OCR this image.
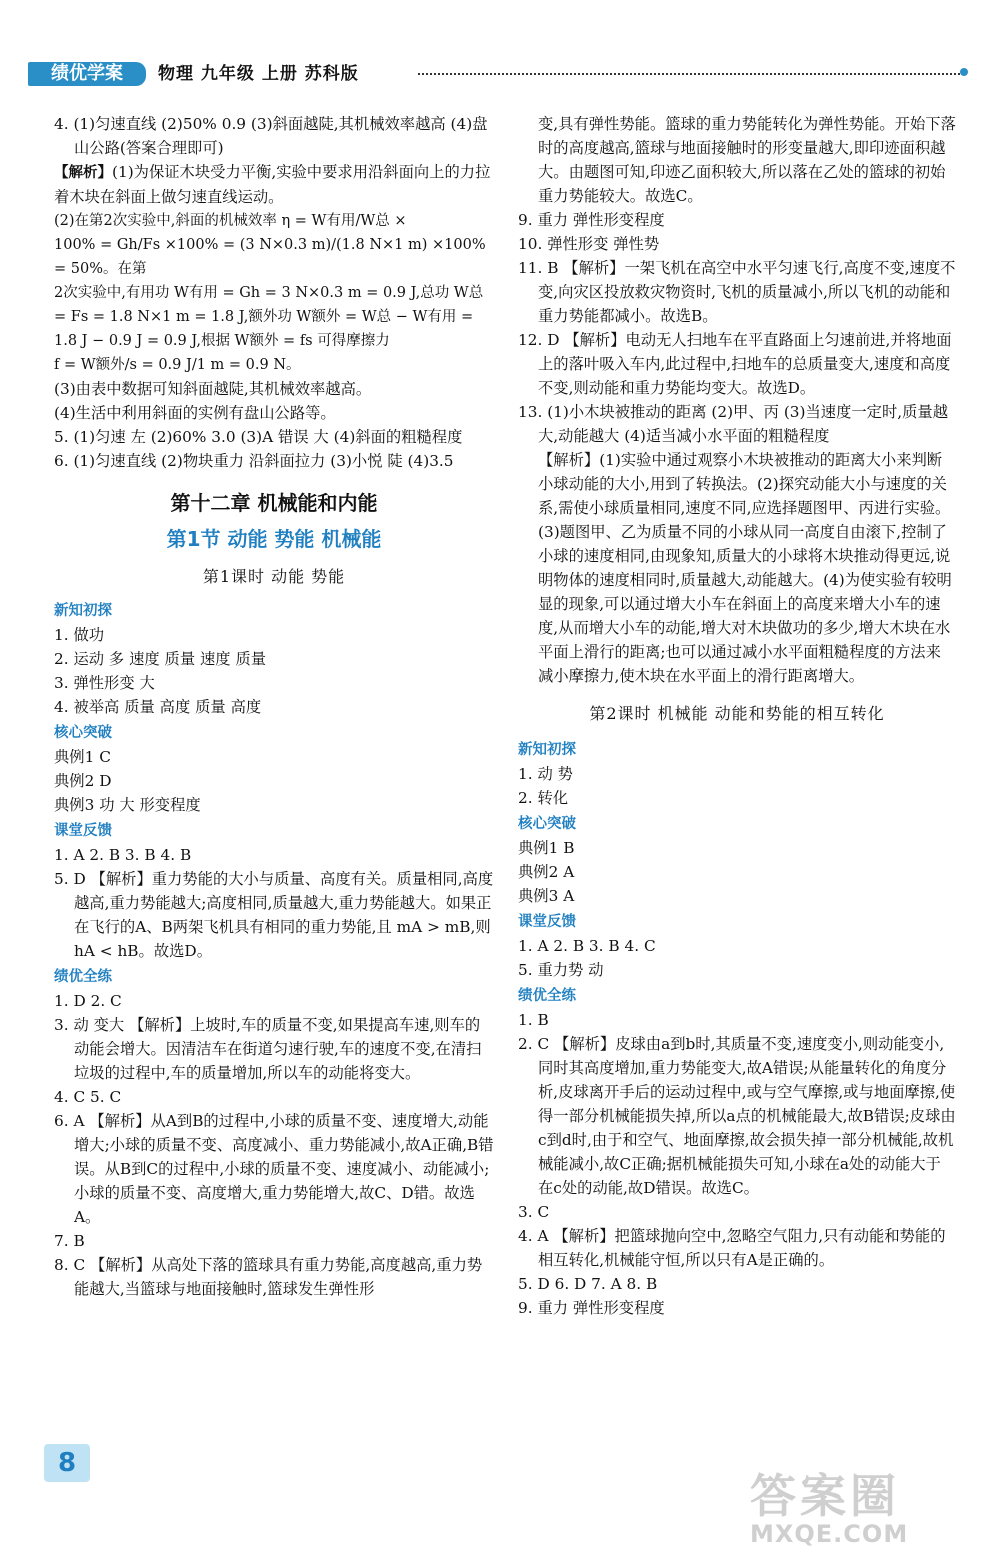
绩优学案	物理 九年级 上册 苏科版

4. (1)匀速直线 (2)50% 0.9 (3)斜面越陡,其机械效率越高 (4)盘山公路(答案合理即可)

【解析】(1)为保证木块受力平衡,实验中要求用沿斜面向上的力拉着木块在斜面上做匀速直线运动。

(2)在第2次实验中,斜面的机械效率 η = W有用/W总 ×

100% = Gh/Fs ×100% = (3 N×0.3 m)/(1.8 N×1 m) ×100% = 50%。在第

2次实验中,有用功 W有用 = Gh = 3 N×0.3 m = 0.9 J,总功 W总 = Fs = 1.8 N×1 m = 1.8 J,额外功 W额外 = W总 − W有用 = 1.8 J − 0.9 J = 0.9 J,根据 W额外 = fs 可得摩擦力

f = W额外/s = 0.9 J/1 m = 0.9 N。

(3)由表中数据可知斜面越陡,其机械效率越高。

(4)生活中利用斜面的实例有盘山公路等。

5. (1)匀速 左 (2)60% 3.0 (3)A 错误 大 (4)斜面的粗糙程度

6. (1)匀速直线 (2)物块重力 沿斜面拉力 (3)小悦 陡 (4)3.5

第十二章 机械能和内能
第1节 动能 势能 机械能
第1课时 动能 势能
新知初探

1. 做功

2. 运动 多 速度 质量 速度 质量

3. 弹性形变 大

4. 被举高 质量 高度 质量 高度

核心突破

典例1 C

典例2 D

典例3 功 大 形变程度

课堂反馈

1. A 2. B 3. B 4. B

5. D 【解析】重力势能的大小与质量、高度有关。质量相同,高度越高,重力势能越大;高度相同,质量越大,重力势能越大。如果正在飞行的A、B两架飞机具有相同的重力势能,且 mA > mB,则 hA < hB。故选D。

绩优全练

1. D 2. C

3. 动 变大 【解析】上坡时,车的质量不变,如果提高车速,则车的动能会增大。因清洁车在街道匀速行驶,车的速度不变,在清扫垃圾的过程中,车的质量增加,所以车的动能将变大。

4. C 5. C

6. A 【解析】从A到B的过程中,小球的质量不变、速度增大,动能增大;小球的质量不变、高度减小、重力势能减小,故A正确,B错误。从B到C的过程中,小球的质量不变、速度减小、动能减小;小球的质量不变、高度增大,重力势能增大,故C、D错。故选A。

7. B

8. C 【解析】从高处下落的篮球具有重力势能,高度越高,重力势能越大,当篮球与地面接触时,篮球发生弹性形

变,具有弹性势能。篮球的重力势能转化为弹性势能。开始下落时的高度越高,篮球与地面接触时的形变量越大,即印迹面积越大。由题图可知,印迹乙面积较大,所以落在乙处的篮球的初始重力势能较大。故选C。

9. 重力 弹性形变程度

10. 弹性形变 弹性势

11. B 【解析】一架飞机在高空中水平匀速飞行,高度不变,速度不变,向灾区投放救灾物资时,飞机的质量减小,所以飞机的动能和重力势能都减小。故选B。

12. D 【解析】电动无人扫地车在平直路面上匀速前进,并将地面上的落叶吸入车内,此过程中,扫地车的总质量变大,速度和高度不变,则动能和重力势能均变大。故选D。

13. (1)小木块被推动的距离 (2)甲、丙 (3)当速度一定时,质量越大,动能越大 (4)适当减小水平面的粗糙程度

【解析】(1)实验中通过观察小木块被推动的距离大小来判断小球动能的大小,用到了转换法。(2)探究动能大小与速度的关系,需使小球质量相同,速度不同,应选择题图甲、丙进行实验。(3)题图甲、乙为质量不同的小球从同一高度自由滚下,控制了小球的速度相同,由现象知,质量大的小球将木块推动得更远,说明物体的速度相同时,质量越大,动能越大。(4)为使实验有较明显的现象,可以通过增大小车在斜面上的高度来增大小车的速度,从而增大小车的动能,增大对木块做功的多少,增大木块在水平面上滑行的距离;也可以通过减小水平面粗糙程度的方法来减小摩擦力,使木块在水平面上的滑行距离增大。

第2课时 机械能 动能和势能的相互转化
新知初探

1. 动 势

2. 转化

核心突破

典例1 B

典例2 A

典例3 A

课堂反馈

1. A 2. B 3. B 4. C

5. 重力势 动

绩优全练

1. B

2. C 【解析】皮球由a到b时,其质量不变,速度变小,则动能变小,同时其高度增加,重力势能变大,故A错误;从能量转化的角度分析,皮球离开手后的运动过程中,或与空气摩擦,或与地面摩擦,使得一部分机械能损失掉,所以a点的机械能最大,故B错误;皮球由c到d时,由于和空气、地面摩擦,故会损失掉一部分机械能,故机械能减小,故C正确;据机械能损失可知,小球在a处的动能大于在c处的动能,故D错误。故选C。

3. C

4. A 【解析】把篮球抛向空中,忽略空气阻力,只有动能和势能的相互转化,机械能守恒,所以只有A是正确的。

5. D 6. D 7. A 8. B

9. 重力 弹性形变程度

8
答案圈
MXQE.COM
